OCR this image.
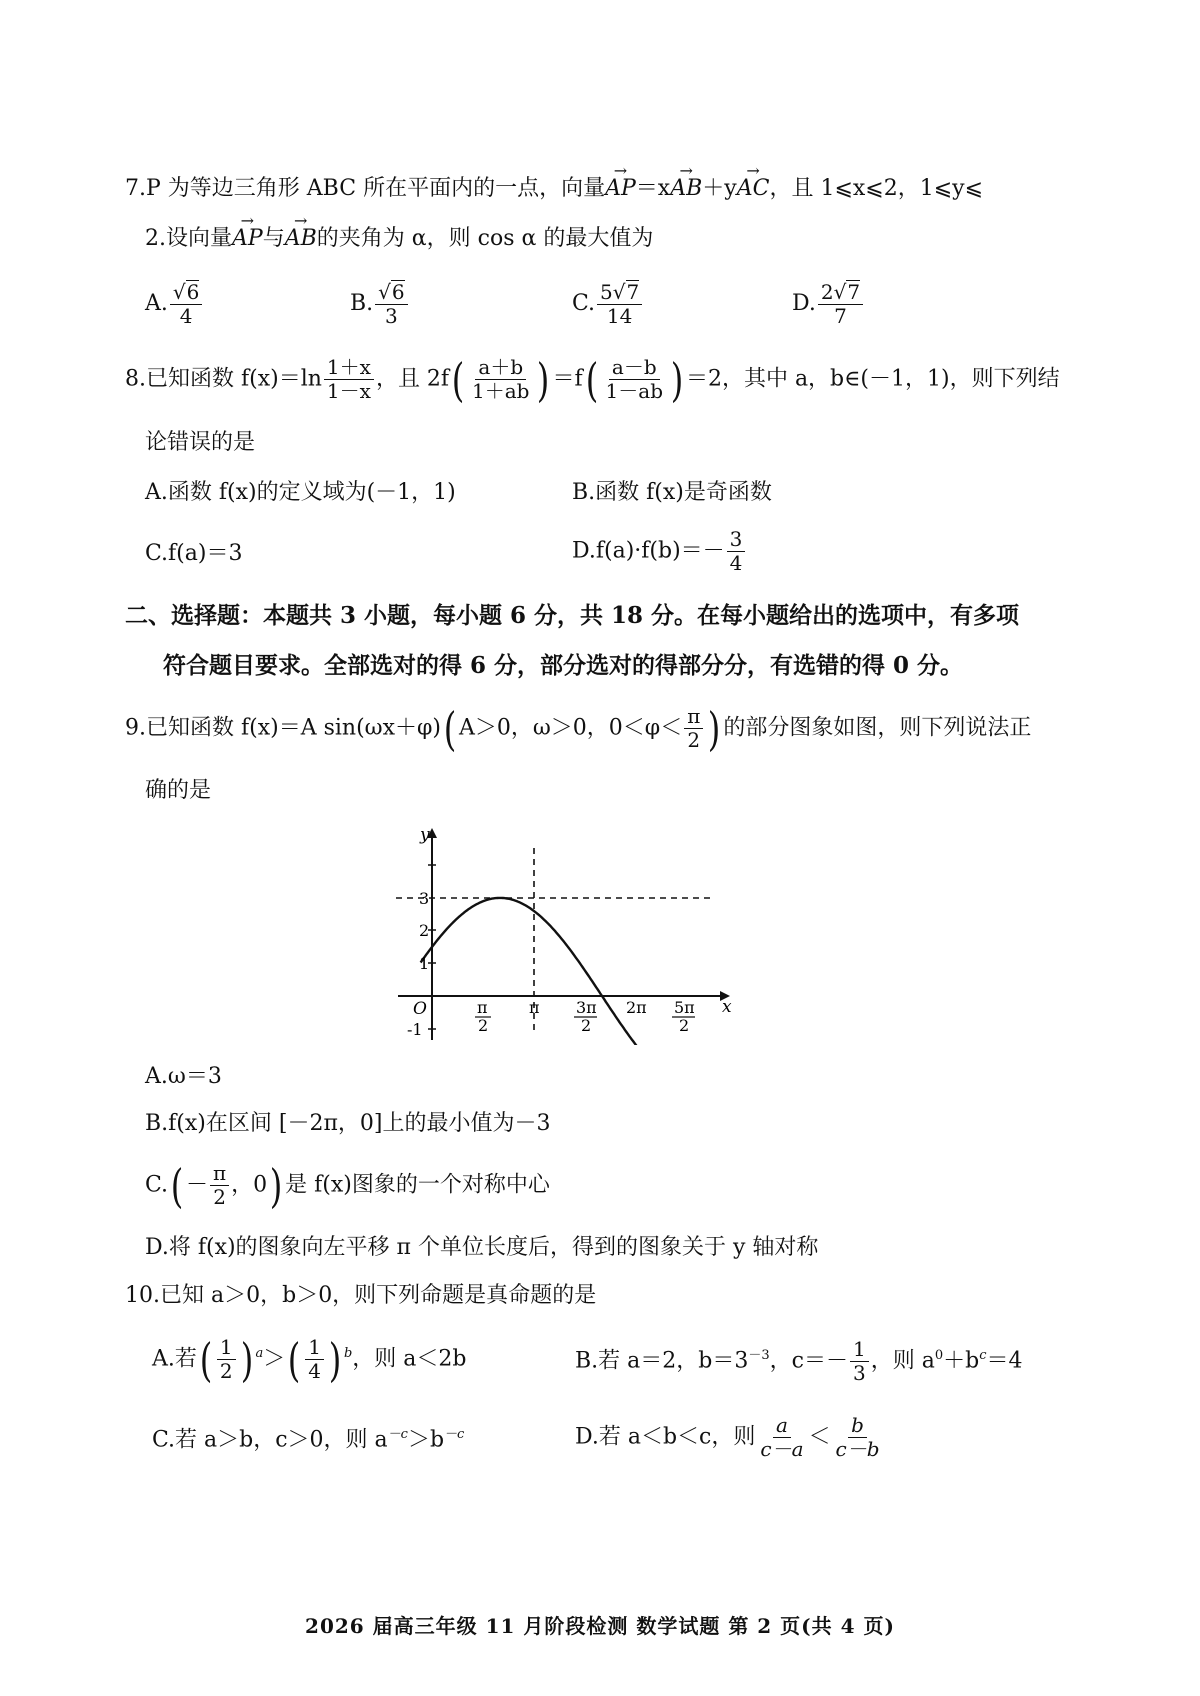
7.P 为等边三角形 ABC 所在平面内的一点，向量→ AP＝x→ AB＋y→ AC，且 1⩽x⩽2，1⩽y⩽
2.设向量→ AP与→ AB的夹角为 α，则 cos α 的最大值为
A. $\frac{√6}{4}$	B. $\frac{√6}{3}$	C. $\frac{5√7}{14}$	D. $\frac{2√7}{7}$
8.已知函数 $f(x)=\ln \frac{1+x}{1-x}$ ，且 $2f( \frac{a+b}{1+ab}$ ) $=f( \frac{a-b}{1-ab}$ ) ＝2，其中 a，b∈(－1，1)，则下列结
论错误的是
A.函数 f(x)的定义域为(－1，1)	B.函数 f(x)是奇函数
C.f(a)＝3	$D.f(a)\cdot f(b)=- \frac{3}{4}$
二、选择题：本题共 3 小题，每小题 6 分，共 18 分。在每小题给出的选项中，有多项
符合题目要求。全部选对的得 6 分，部分选对的得部分分，有选错的得 0 分。
9.已知函数 f(x)＝A sin(ωx＋φ)( A＞0，ω＞0，$0<\varphi< \frac{\pi}{2}$ ) 的部分图象如图，则下列说法正
确的是
y
x
O
3
2
1
-1
π
2
π 3π
2
2π 5π
2
A.ω＝3
B.f(x)在区间 [－2π，0]上的最小值为－3
$C.( - \frac{\pi}{2}$ ，0) 是 f(x)图象的一个对称中心
D.将 f(x)的图象向左平移 π 个单位长度后，得到的图象关于 y 轴对称
10.已知 a＞0，b＞0，则下列命题是真命题的是
A.若( $\frac{1}{2}$ ) $^a>( \frac{1}{4}$ ) $^b$，则 a＜2b	B.若 a＝2，$b=3^{-3}$，$c=- \frac{1}{3}$ ，则 $a^0+b^c=4$
C.若 a＞b，c＞0，则 $a^{-c}>b^{-c}$	D.若 a＜b＜c，则 $\frac{a}{c-a} < \frac{b}{c-b}$
2026 届高三年级 11 月阶段检测 数学试题 第 2 页(共 4 页)
